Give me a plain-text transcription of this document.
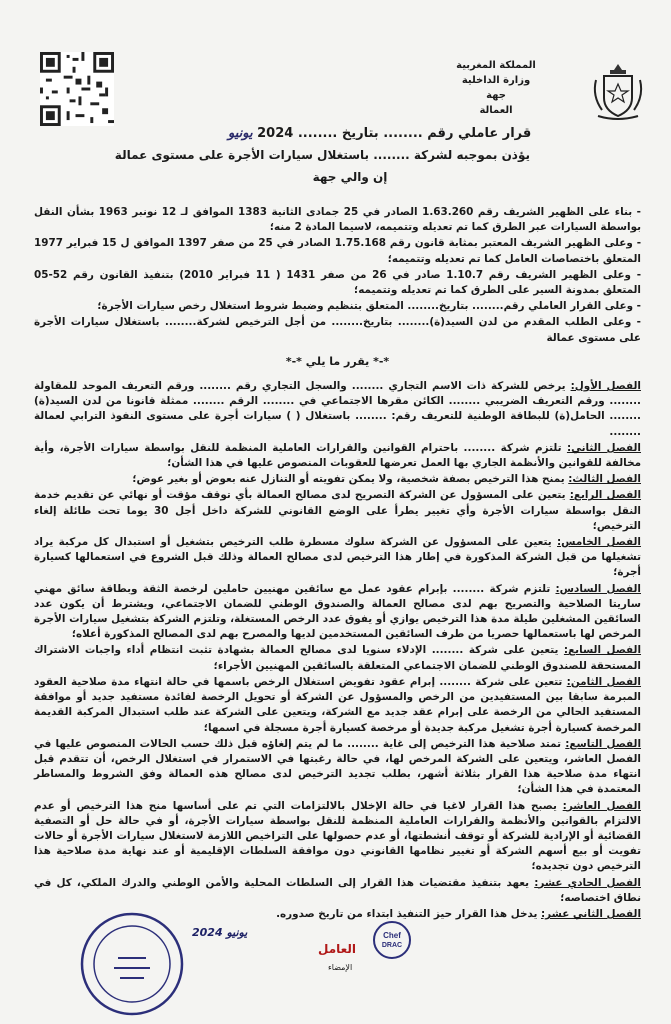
المملكة المغربية
وزارة الداخلية
جهة
العمالة
قرار عاملي رقم ........ بتاريخ ........ 2024 يونيو
يؤذن بموجبه لشركة ........ باستغلال سيارات الأجرة على مستوى عمالة
إن والي جهة

- بناء على الظهير الشريف رقم 1.63.260 الصادر في 25 جمادى الثانية 1383 الموافق لـ 12 نونبر 1963 بشأن النقل بواسطة السيارات عبر الطرق كما تم تعديله وتتميمه، لاسيما المادة 2 منه؛

- وعلى الظهير الشريف المعتبر بمثابة قانون رقم 1.75.168 الصادر في 25 من صفر 1397 الموافق ل 15 فبراير 1977 المتعلق باختصاصات العامل كما تم تعديله وتتميمه؛

- وعلى الظهير الشريف رقم 1.10.7 صادر في 26 من صفر 1431 ( 11 فبراير 2010) بتنفيذ القانون رقم 52-05 المتعلق بمدونة السير على الطرق كما تم تعديله وتتميمه؛

- وعلى القرار العاملي رقم........ بتاريخ........ المتعلق بتنظيم وضبط شروط استغلال رخص سيارات الأجرة؛

- وعلى الطلب المقدم من لدن السيد(ة)........ بتاريخ........ من أجل الترخيص لشركة........ باستغلال سيارات الأجرة على مستوى عمالة

*-* يقرر ما يلي *-*

الفصل الأول: يرخص للشركة ذات الاسم التجاري ........ والسجل التجاري رقم ........ ورقم التعريف الموحد للمقاولة ........ ورقم التعريف الضريبي ........ الكائن مقرها الاجتماعي في ........ الرقم ........ ممثلة قانونا من لدن السيد(ة) ........ الحامل(ة) للبطاقة الوطنية للتعريف رقم: ........ باستغلال ( ) سيارات أجرة على مستوى النفوذ الترابي لعمالة ........

الفصل الثاني: تلتزم شركة ........ باحترام القوانين والقرارات العاملية المنظمة للنقل بواسطة سيارات الأجرة، وأية مخالفة للقوانين والأنظمة الجاري بها العمل تعرضها للعقوبات المنصوص عليها في هذا الشأن؛

الفصل الثالث: يمنح هذا الترخيص بصفة شخصية، ولا يمكن تفويته أو التنازل عنه بعوض أو بغير عوض؛

الفصل الرابع: يتعين على المسؤول عن الشركة التصريح لدى مصالح العمالة بأي توقف مؤقت أو نهائي عن تقديم خدمة النقل بواسطة سيارات الأجرة وأي تغيير يطرأ على الوضع القانوني للشركة داخل أجل 30 يوما تحت طائلة إلغاء الترخيص؛

الفصل الخامس: يتعين على المسؤول عن الشركة سلوك مسطرة طلب الترخيص بتشغيل أو استبدال كل مركبة يراد تشغيلها من قبل الشركة المذكورة في إطار هذا الترخيص لدى مصالح العمالة وذلك قبل الشروع في استعمالها كسيارة أجرة؛

الفصل السادس: تلتزم شركة ........ بإبرام عقود عمل مع سائقين مهنيين حاملين لرخصة الثقة وبطاقة سائق مهني ساريتا الصلاحية والتصريح بهم لدى مصالح العمالة والصندوق الوطني للضمان الاجتماعي، ويشترط أن يكون عدد السائقين المشغلين طيلة مدة هذا الترخيص يوازي أو يفوق عدد الرخص المستغلة، وتلتزم الشركة بتشغيل سيارات الأجرة المرخص لها باستعمالها حصريا من طرف السائقين المستخدمين لديها والمصرح بهم لدى المصالح المذكورة أعلاه؛

الفصل السابع: يتعين على شركة ........ الإدلاء سنويا لدى مصالح العمالة بشهادة تثبت انتظام أداء واجبات الاشتراك المستحقة للصندوق الوطني للضمان الاجتماعي المتعلقة بالسائقين المهنيين الأجراء؛

الفصل الثامن: تتعين على شركة ........ إبرام عقود تفويض استغلال الرخص باسمها في حالة انتهاء مدة صلاحية العقود المبرمة سابقا بين المستفيدين من الرخص والمسؤول عن الشركة أو تحويل الرخصة لفائدة مستفيد جديد أو موافقة المستفيد الحالي من الرخصة على إبرام عقد جديد مع الشركة، ويتعين على الشركة عند طلب استبدال المركبة القديمة المرخصة كسيارة أجرة تشغيل مركبة جديدة أو مرخصة كسيارة أجرة مسجلة في اسمها؛

الفصل التاسع: تمتد صلاحية هذا الترخيص إلى غاية ........ ما لم يتم إلغاؤه قبل ذلك حسب الحالات المنصوص عليها في الفصل العاشر، ويتعين على الشركة المرخص لها، في حالة رغبتها في الاستمرار في استغلال الرخص، أن تتقدم قبل انتهاء مدة صلاحية هذا القرار بثلاثة أشهر، بطلب تجديد الترخيص لدى مصالح هذه العمالة وفق الشروط والمساطر المعتمدة في هذا الشأن؛

الفصل العاشر: يصبح هذا القرار لاغيا في حالة الإخلال بالالتزامات التي تم على أساسها منح هذا الترخيص أو عدم الالتزام بالقوانين والأنظمة والقرارات العاملية المنظمة للنقل بواسطة سيارات الأجرة، أو في حالة حل أو التصفية القضائية أو الإرادية للشركة أو توقف أنشطتها، أو عدم حصولها على التراخيص اللازمة لاستغلال سيارات الأجرة أو حالات تفويت أو بيع أسهم الشركة أو تغيير نظامها القانوني دون موافقة السلطات الإقليمية أو عند نهاية مدة صلاحية هذا الترخيص دون تجديده؛

الفصل الحادي عشر: يعهد بتنفيذ مقتضيات هذا القرار إلى السلطات المحلية والأمن الوطني والدرك الملكي، كل في نطاق اختصاصه؛

الفصل الثاني عشر: يدخل هذا القرار حيز التنفيذ ابتداء من تاريخ صدوره.

2024 يونيو	Chef
DRAC
العامل
الإمضاء
